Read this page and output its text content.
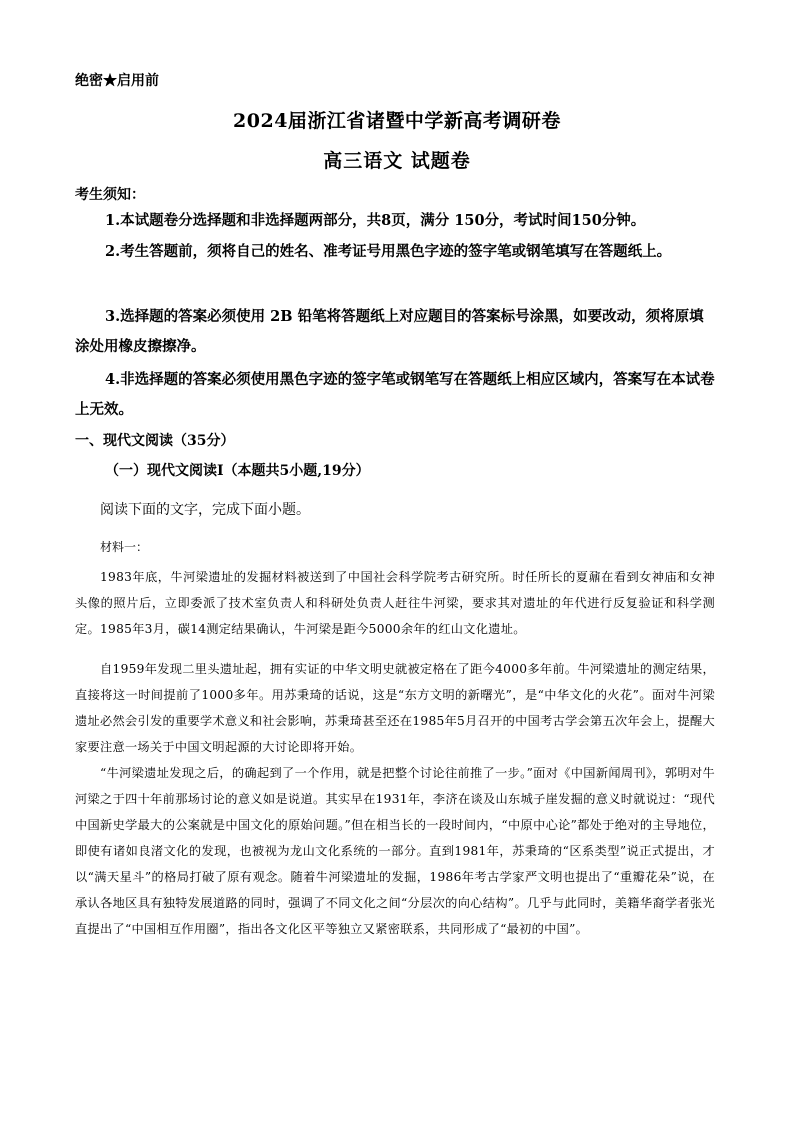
绝密★启用前
2024届浙江省诸暨中学新高考调研卷
高三语文 试题卷
考生须知：

1.本试题卷分选择题和非选择题两部分，共8页，满分 150分，考试时间150分钟。

2.考生答题前，须将自己的姓名、准考证号用黑色字迹的签字笔或钢笔填写在答题纸上。

3.选择题的答案必须使用 2B 铅笔将答题纸上对应题目的答案标号涂黑，如要改动，须将原填涂处用橡皮擦擦净。

4.非选择题的答案必须使用黑色字迹的签字笔或钢笔写在答题纸上相应区域内，答案写在本试卷上无效。

一、现代文阅读（35分）
（一）现代文阅读Ⅰ（本题共5小题,19分）
阅读下面的文字，完成下面小题。
材料一：

1983年底，牛河梁遗址的发掘材料被送到了中国社会科学院考古研究所。时任所长的夏鼐在看到女神庙和女神头像的照片后，立即委派了技术室负责人和科研处负责人赶往牛河梁，要求其对遗址的年代进行反复验证和科学测定。1985年3月，碳14测定结果确认，牛河梁是距今5000余年的红山文化遗址。

自1959年发现二里头遗址起，拥有实证的中华文明史就被定格在了距今4000多年前。牛河梁遗址的测定结果，直接将这一时间提前了1000多年。用苏秉琦的话说，这是“东方文明的新曙光”，是“中华文化的火花”。面对牛河梁遗址必然会引发的重要学术意义和社会影响，苏秉琦甚至还在1985年5月召开的中国考古学会第五次年会上，提醒大家要注意一场关于中国文明起源的大讨论即将开始。

“牛河梁遗址发现之后，的确起到了一个作用，就是把整个讨论往前推了一步。”面对《中国新闻周刊》，郭明对牛河梁之于四十年前那场讨论的意义如是说道。其实早在1931年，李济在谈及山东城子崖发掘的意义时就说过：“现代中国新史学最大的公案就是中国文化的原始问题。”但在相当长的一段时间内，“中原中心论”都处于绝对的主导地位，即使有诸如良渚文化的发现，也被视为龙山文化系统的一部分。直到1981年，苏秉琦的“区系类型”说正式提出，才以“满天星斗”的格局打破了原有观念。随着牛河梁遗址的发掘，1986年考古学家严文明也提出了“重瓣花朵”说，在承认各地区具有独特发展道路的同时，强调了不同文化之间“分层次的向心结构”。几乎与此同时，美籍华裔学者张光直提出了“中国相互作用圈”，指出各文化区平等独立又紧密联系，共同形成了“最初的中国”。
